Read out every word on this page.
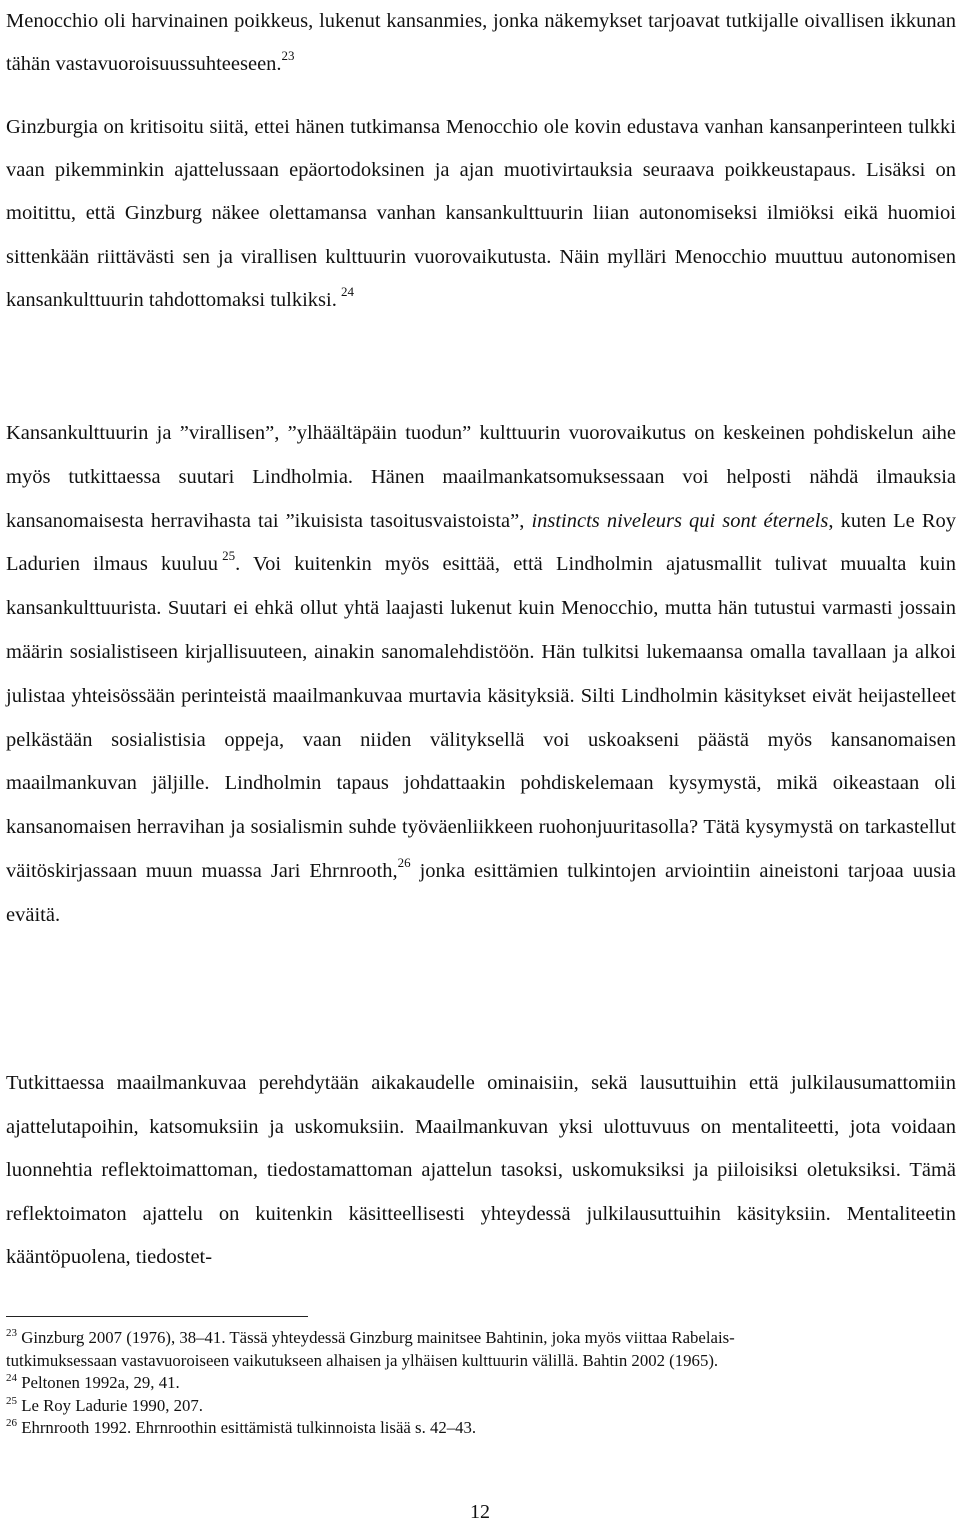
Menocchio oli harvinainen poikkeus, lukenut kansanmies, jonka näkemykset tarjoavat tutkijalle oivallisen ikkunan tähän vastavuoroisuussuhteeseen.$^{23}$

Ginzburgia on kritisoitu siitä, ettei hänen tutkimansa Menocchio ole kovin edustava vanhan kansanperinteen tulkki vaan pikemminkin ajattelussaan epäortodoksinen ja ajan muotivirtauksia seuraava poikkeustapaus. Lisäksi on moitittu, että Ginzburg näkee olettamansa vanhan kansankulttuurin liian autonomiseksi ilmiöksi eikä huomioi sittenkään riittävästi sen ja virallisen kulttuurin vuorovaikutusta. Näin mylläri Menocchio muuttuu autonomisen kansankulttuurin tahdottomaksi tulkiksi.  $^{24}$

Kansankulttuurin ja ”virallisen”, ”ylhäältäpäin tuodun” kulttuurin vuorovaikutus on keskeinen pohdiskelun aihe myös tutkittaessa suutari Lindholmia. Hänen maailmankatsomuksessaan voi helposti nähdä ilmauksia kansanomaisesta herravihasta tai ”ikuisista tasoitusvaistoista”, instincts niveleurs qui sont éternels, kuten Le Roy Ladurien ilmaus kuuluu  $^{25}$. Voi kuitenkin myös esittää, että Lindholmin ajatusmallit tulivat muualta kuin kansankulttuurista. Suutari ei ehkä ollut yhtä laajasti lukenut kuin Menocchio, mutta hän tutustui varmasti jossain määrin sosialistiseen kirjallisuuteen, ainakin sanomalehdistöön. Hän tulkitsi lukemaansa omalla tavallaan ja alkoi julistaa yhteisössään perinteistä maailmankuvaa murtavia käsityksiä. Silti Lindholmin käsitykset eivät heijastelleet pelkästään sosialistisia oppeja, vaan niiden välityksellä voi uskoakseni päästä myös kansanomaisen maailmankuvan jäljille. Lindholmin tapaus johdattaakin pohdiskelemaan kysymystä, mikä oikeastaan oli kansanomaisen herravihan ja sosialismin suhde työväenliikkeen ruohonjuuritasolla? Tätä kysymystä on tarkastellut väitöskirjassaan muun muassa Jari Ehrnrooth,$^{26}$ jonka esittämien tulkintojen arviointiin aineistoni tarjoaa uusia eväitä.

Tutkittaessa maailmankuvaa perehdytään aikakaudelle ominaisiin, sekä lausuttuihin että julkilausumattomiin ajattelutapoihin, katsomuksiin ja uskomuksiin. Maailmankuvan yksi ulottuvuus on mentaliteetti, jota voidaan luonnehtia reflektoimattoman, tiedostamattoman ajattelun tasoksi, uskomuksiksi ja piiloisiksi oletuksiksi. Tämä reflektoimaton ajattelu on kuitenkin käsitteellisesti yhteydessä julkilausuttuihin käsityksiin. Mentaliteetin kääntöpuolena, tiedostet-

$^{23}$ Ginzburg 2007 (1976), 38–41. Tässä yhteydessä Ginzburg mainitsee Bahtinin, joka myös viittaa Rabelais-
tutkimuksessaan vastavuoroiseen vaikutukseen alhaisen ja ylhäisen kulttuurin välillä. Bahtin 2002 (1965).

$^{24}$ Peltonen 1992a, 29, 41.

$^{25}$ Le Roy Ladurie 1990, 207.

$^{26}$ Ehrnrooth 1992. Ehrnroothin esittämistä tulkinnoista lisää s. 42–43.

12
